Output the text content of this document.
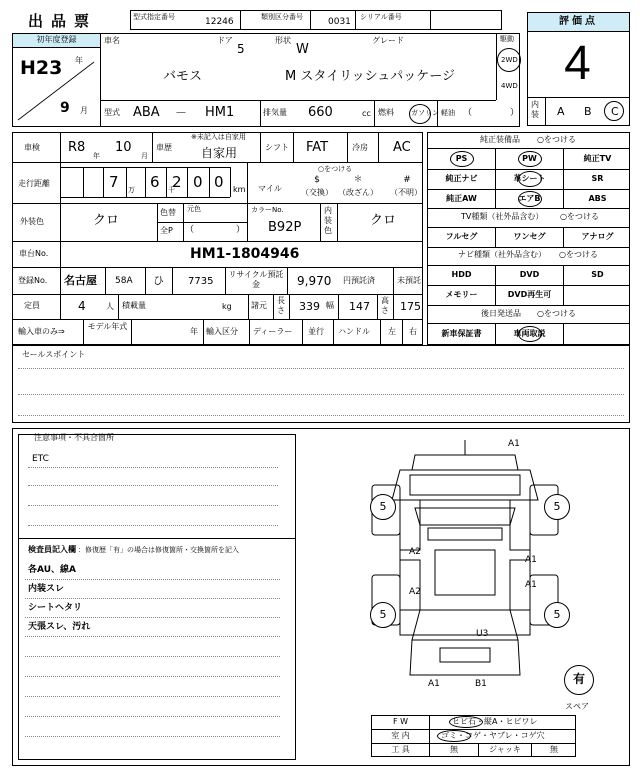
出品票	型式指定番号	12246	類別区分番号	0031 シリアル番号	評価点
4
内装 A B C
初年度登録
H23 年
9 月
車名	ドア
5
形状
W
グレード	駆動
2WD
4WD
バモス	M スタイリッシュパッケージ
型式 ABA － HM1	排気量 660	cc 燃料 ガソリン 軽油 （	）
車検 R8
年
10
月
車歴
※未記入は自家用
自家用	シフト FAT	冷房 AC
走行距離	7 万 6 千
2 0 0 km
○をつける
マイル
$
（交換）
＊
（改ざん）
#
（不明）
外装色	クロ
色替
全P
元色
（	）
カラーNo.
B92P
内装色
クロ
車台No.	HM1-1804946
登録No. 名古屋 58A ひ 7735
リサイクル預託金	9,970 円預託済	未預託
定員	4	人 積載量	kg 諸元
長さ 339 幅 147 高さ 175
輸入車のみ⇒
モデル年式
年 輸入区分 ディーラー 並行 ハンドル 左 右
純正装備品 ○をつける
PS	PW	純正TV
純正ナビ	革シート	SR
純正AW	エアB	ABS
TV種類（社外品含む） ○をつける
フルセグ	ワンセグ	アナログ
ナビ種類（社外品含む） ○をつける
HDD	DVD	SD
メモリー	DVD再生可
後日発送品 ○をつける
新車保証書	車両取説
セールスポイント
注意事項・不具合箇所
ETC
検査員記入欄 ：修復歴「有」の場合は修復箇所・交換箇所を記入
各AU、線A
内装スレ
シートヘタリ
天張スレ、汚れ
5	5
5	5
A1
A2
A1
A2
A1
U3
A1	B1	有
スペア
F W	ヒビ石・縦A・ヒビワレ
室 内	ゴミ・コゲ・ヤブレ・コゲ穴
工 具	無	ジャッキ	無
